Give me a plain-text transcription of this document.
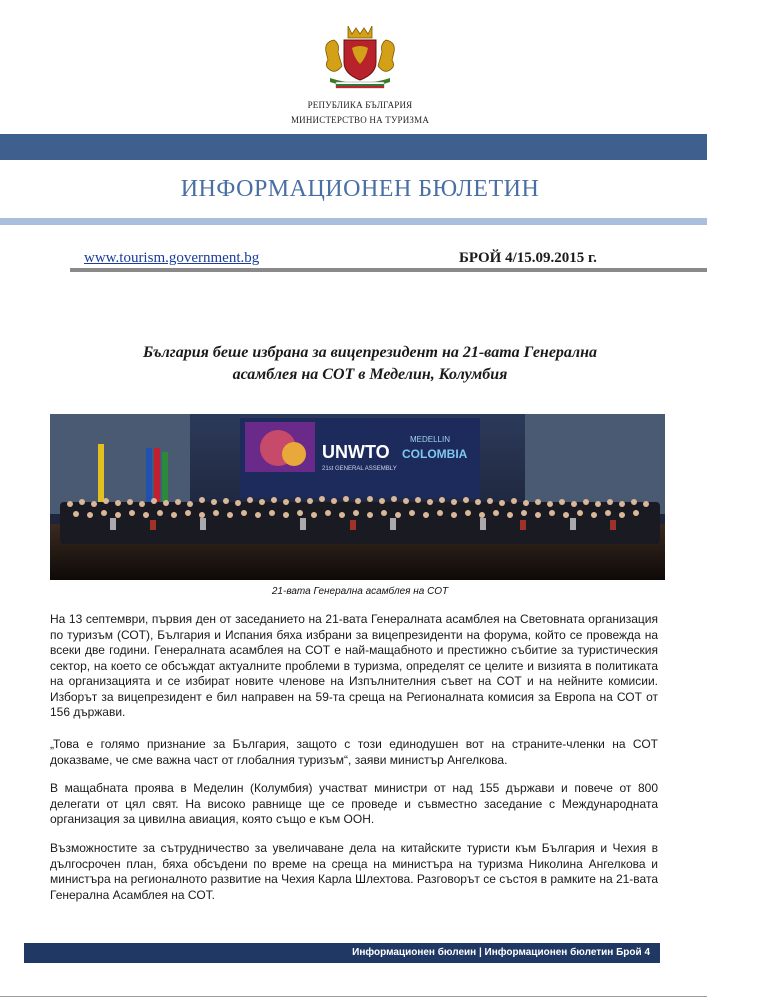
РЕПУБЛИКА БЪЛГАРИЯ
МИНИСТЕРСТВО НА ТУРИЗМА
ИНФОРМАЦИОНЕН БЮЛЕТИН
www.tourism.government.bg	БРОЙ 4/15.09.2015 г.
България беше избрана за вицепрезидент на 21-вата Генерална
асамблея на СОТ в Меделин, Колумбия
UNWTO
21st GENERAL ASSEMBLY
MEDELLIN
COLOMBIA
21-вата Генерална асамблея на СОТ

На 13 септември, първия ден от заседанието на 21-вата Генералната асамблея на Световната организация по туризъм (СОТ), България и Испания бяха избрани за вицепрезиденти на форума, който се провежда на всеки две години. Генералната асамблея на СОТ е най-мащабното и престижно събитие за туристическия сектор, на което се обсъждат актуалните проблеми в туризма, определят се целите и визията в политиката на организацията и се избират новите членове на Изпълнителния съвет на СОТ и на нейните комисии. Изборът за вицепрезидент е бил направен на 59-та среща на Регионалната комисия за Европа на СОТ от 156 държави.

„Това е голямо признание за България, защото с този единодушен вот на страните-членки на СОТ доказваме, че сме важна част от глобалния туризъм“, заяви министър Ангелкова.

В мащабната проява в Меделин (Колумбия) участват министри от над 155 държави и повече от 800 делегати от цял свят. На високо равнище ще се проведе и съвместно заседание с Международната организация за цивилна авиация, която също е към ООН.

Възможностите за сътрудничество за увеличаване дела на китайските туристи към България и Чехия в дългосрочен план, бяха обсъдени по време на среща на министъра на туризма Николина Ангелкова и министъра на регионалното развитие на Чехия Карла Шлехтова. Разговорът се състоя в рамките на 21-вата Генерална Асамблея на СОТ.

Информационен бюлеин | Информационен бюлетин Брой 4
